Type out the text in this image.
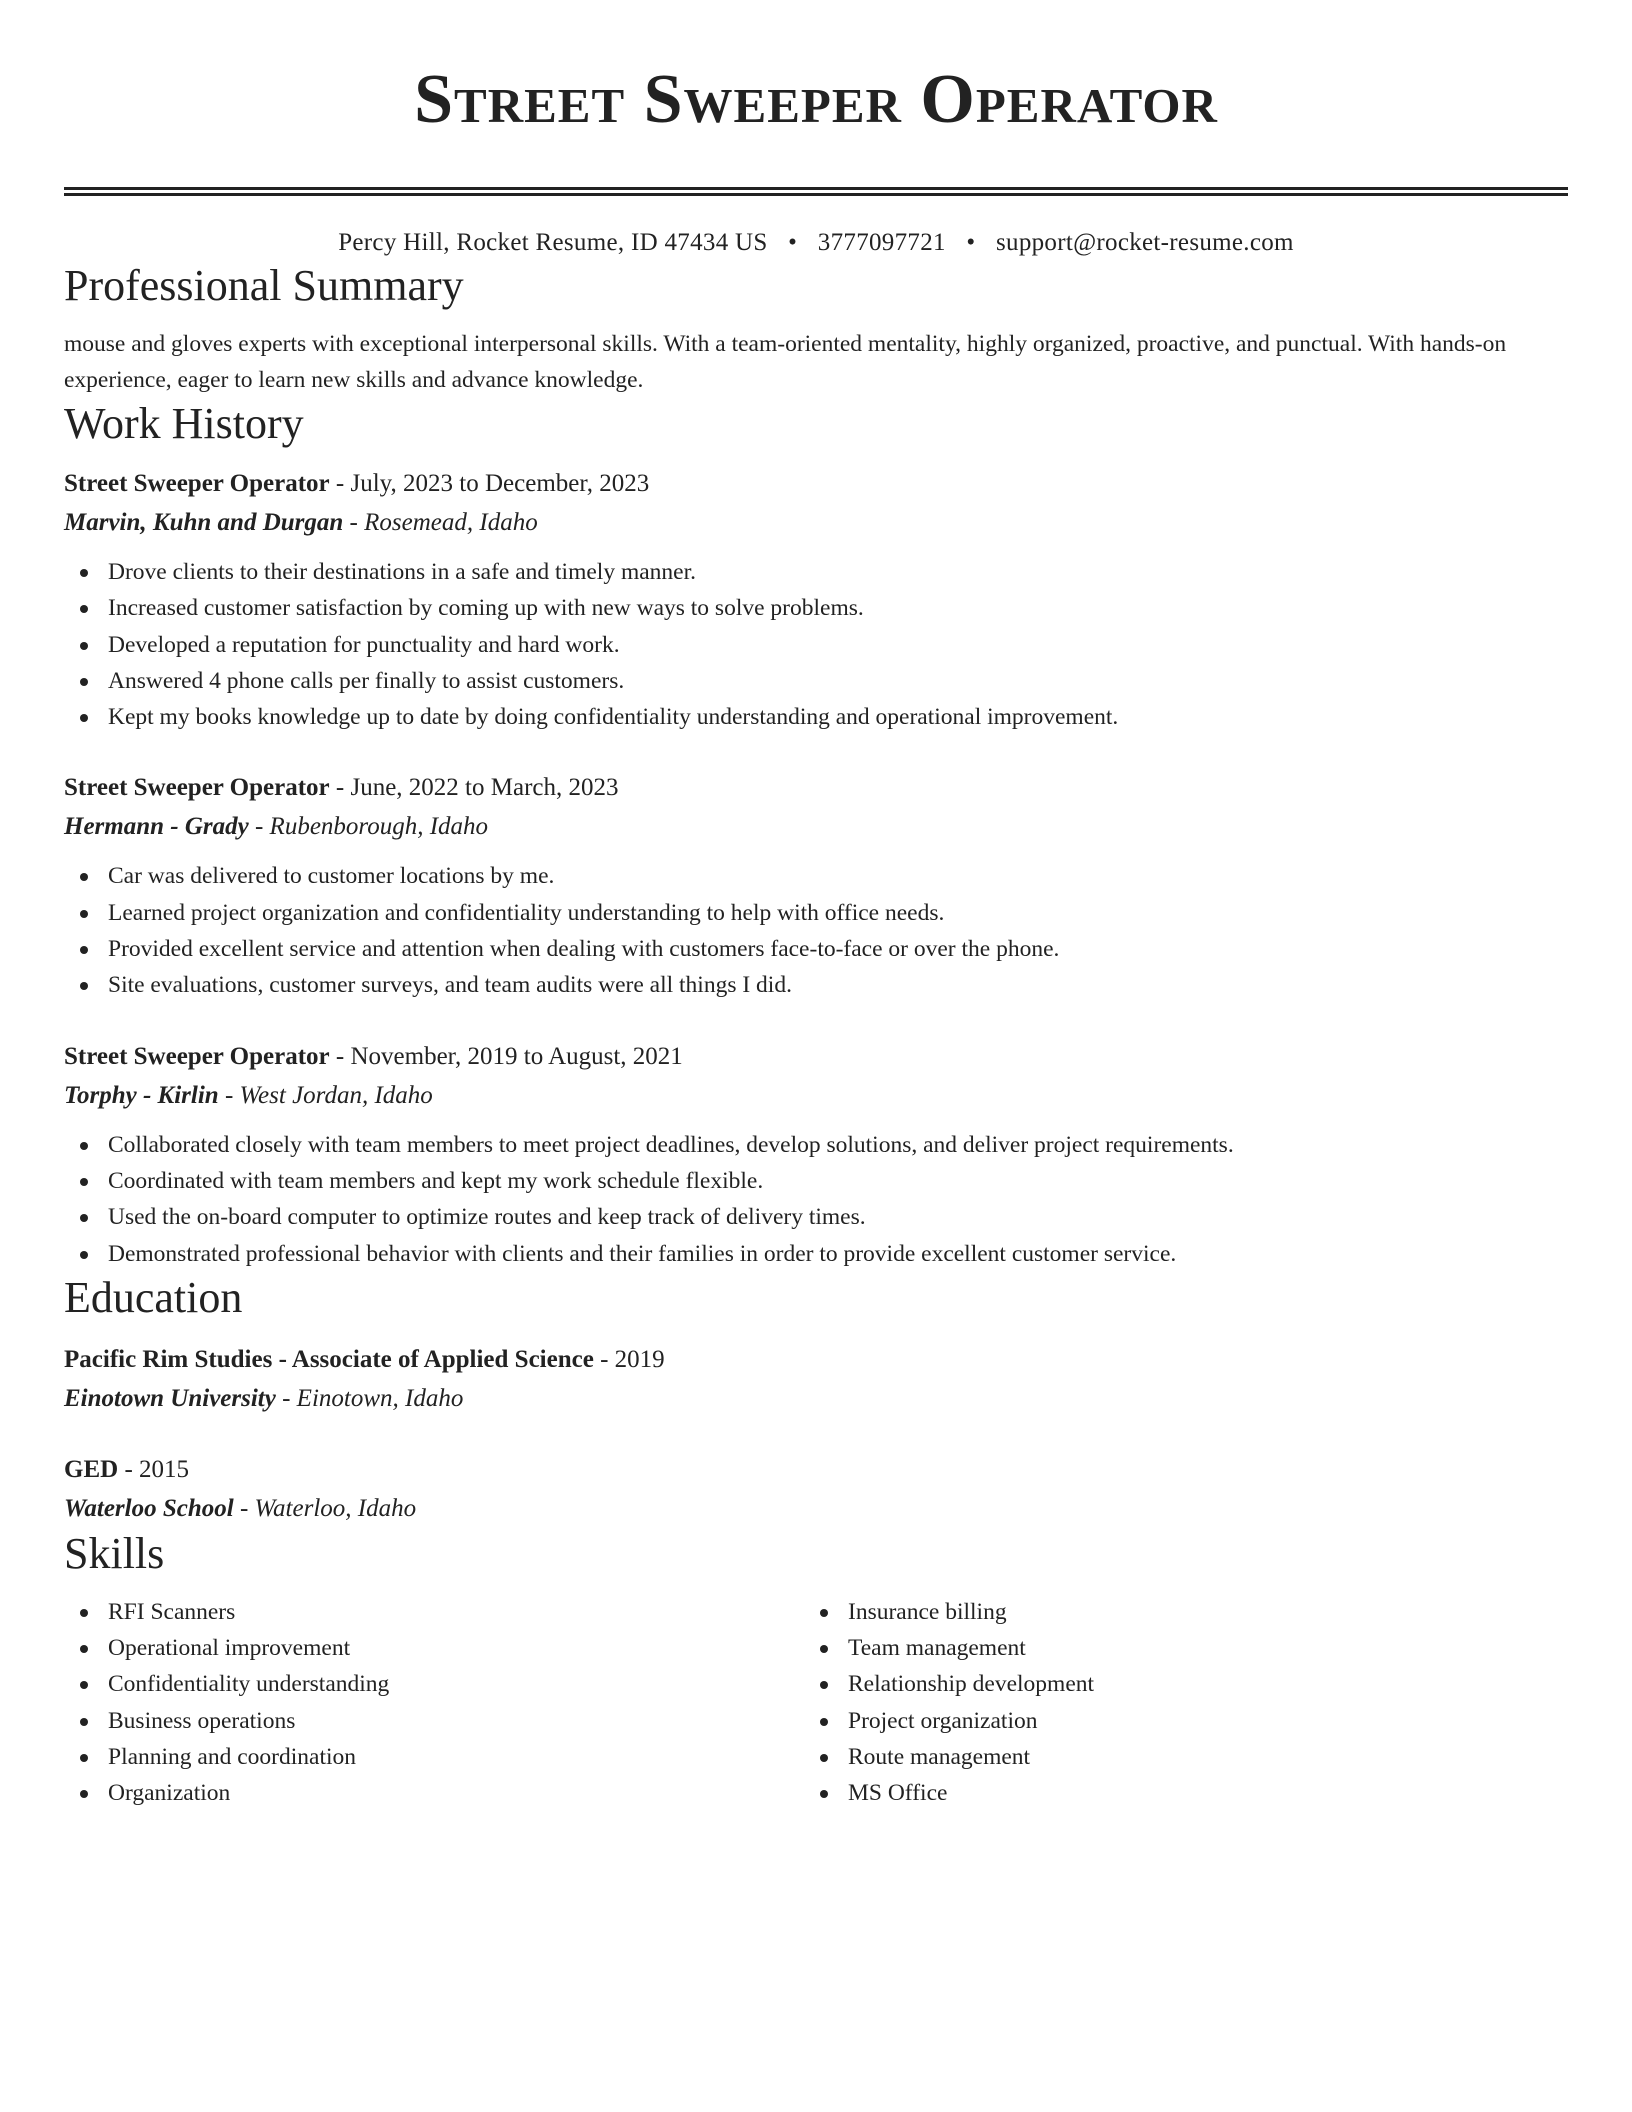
Street Sweeper Operator
Percy Hill, Rocket Resume, ID 47434 US • 3777097721 • support@rocket-resume.com
Professional Summary
mouse and gloves experts with exceptional interpersonal skills. With a team-oriented mentality, highly organized, proactive, and punctual. With hands-on experience, eager to learn new skills and advance knowledge.
Work History
Street Sweeper Operator - July, 2023 to December, 2023
Marvin, Kuhn and Durgan - Rosemead, Idaho
Drove clients to their destinations in a safe and timely manner.
Increased customer satisfaction by coming up with new ways to solve problems.
Developed a reputation for punctuality and hard work.
Answered 4 phone calls per finally to assist customers.
Kept my books knowledge up to date by doing confidentiality understanding and operational improvement.
Street Sweeper Operator - June, 2022 to March, 2023
Hermann - Grady - Rubenborough, Idaho
Car was delivered to customer locations by me.
Learned project organization and confidentiality understanding to help with office needs.
Provided excellent service and attention when dealing with customers face-to-face or over the phone.
Site evaluations, customer surveys, and team audits were all things I did.
Street Sweeper Operator - November, 2019 to August, 2021
Torphy - Kirlin - West Jordan, Idaho
Collaborated closely with team members to meet project deadlines, develop solutions, and deliver project requirements.
Coordinated with team members and kept my work schedule flexible.
Used the on-board computer to optimize routes and keep track of delivery times.
Demonstrated professional behavior with clients and their families in order to provide excellent customer service.
Education
Pacific Rim Studies - Associate of Applied Science - 2019
Einotown University - Einotown, Idaho
GED - 2015
Waterloo School - Waterloo, Idaho
Skills
RFI Scanners
Operational improvement
Confidentiality understanding
Business operations
Planning and coordination
Organization
Insurance billing
Team management
Relationship development
Project organization
Route management
MS Office
